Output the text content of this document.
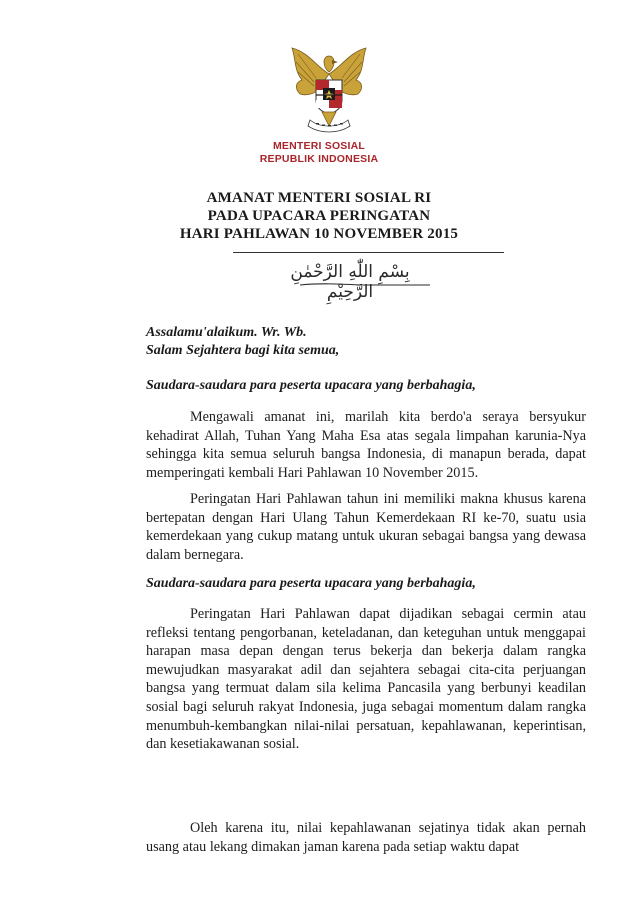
MENTERI SOSIAL
REPUBLIK INDONESIA
AMANAT MENTERI SOSIAL RI
PADA UPACARA PERINGATAN
HARI PAHLAWAN 10 NOVEMBER 2015
بِسْمِ اللّٰهِ الرَّحْمٰنِ الرَّحِيْمِ
Assalamu'alaikum. Wr. Wb.
Salam Sejahtera bagi kita semua,
Saudara-saudara para peserta upacara yang berbahagia,

Mengawali amanat ini, marilah kita berdo'a seraya bersyukur kehadirat Allah, Tuhan Yang Maha Esa atas segala limpahan karunia-Nya sehingga kita semua seluruh bangsa Indonesia, di manapun berada, dapat memperingati kembali Hari Pahlawan 10 November 2015.

Peringatan Hari Pahlawan tahun ini memiliki makna khusus karena bertepatan dengan Hari Ulang Tahun Kemerdekaan RI ke-70, suatu usia kemerdekaan yang cukup matang untuk ukuran sebagai bangsa yang dewasa dalam bernegara.

Saudara-saudara para peserta upacara yang berbahagia,

Peringatan Hari Pahlawan dapat dijadikan sebagai cermin atau refleksi tentang pengorbanan, keteladanan, dan keteguhan untuk menggapai harapan masa depan dengan terus bekerja dan bekerja dalam rangka mewujudkan masyarakat adil dan sejahtera sebagai cita-cita perjuangan bangsa yang termuat dalam sila kelima Pancasila yang berbunyi keadilan sosial bagi seluruh rakyat Indonesia, juga sebagai momentum dalam rangka menumbuh-kembangkan nilai-nilai persatuan, kepahlawanan, keperintisan, dan kesetiakawanan sosial.

Oleh karena itu, nilai kepahlawanan sejatinya tidak akan pernah usang atau lekang dimakan jaman karena pada setiap waktu dapat
